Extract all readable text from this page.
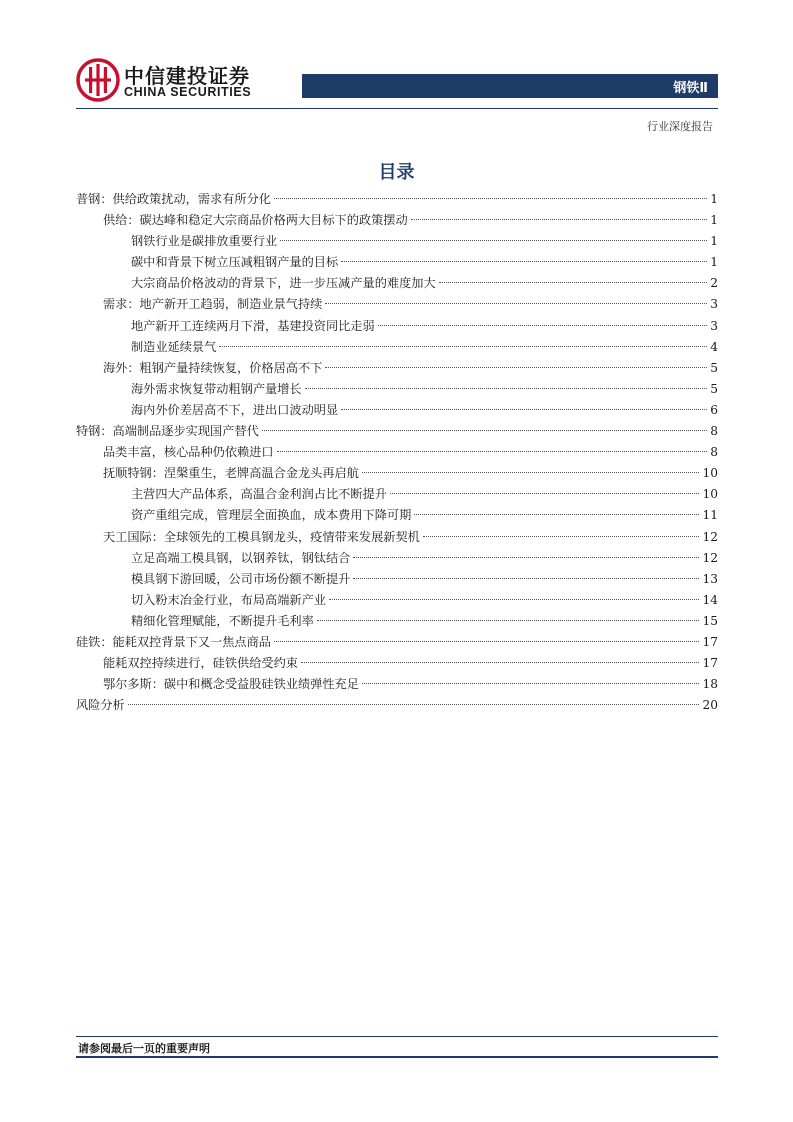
中信建投证券
CHINA SECURITIES	钢铁Ⅱ
行业深度报告
目录
普钢：供给政策扰动，需求有所分化	1
供给：碳达峰和稳定大宗商品价格两大目标下的政策摆动	1
钢铁行业是碳排放重要行业	1
碳中和背景下树立压减粗钢产量的目标	1
大宗商品价格波动的背景下，进一步压减产量的难度加大	2
需求：地产新开工趋弱，制造业景气持续	3
地产新开工连续两月下滑，基建投资同比走弱	3
制造业延续景气	4
海外：粗钢产量持续恢复，价格居高不下	5
海外需求恢复带动粗钢产量增长	5
海内外价差居高不下，进出口波动明显	6
特钢：高端制品逐步实现国产替代	8
品类丰富，核心品种仍依赖进口	8
抚顺特钢：涅槃重生，老牌高温合金龙头再启航	10
主营四大产品体系，高温合金利润占比不断提升	10
资产重组完成，管理层全面换血，成本费用下降可期	11
天工国际：全球领先的工模具钢龙头，疫情带来发展新契机	12
立足高端工模具钢，以钢养钛，钢钛结合	12
模具钢下游回暖，公司市场份额不断提升	13
切入粉末冶金行业，布局高端新产业	14
精细化管理赋能，不断提升毛利率	15
硅铁：能耗双控背景下又一焦点商品	17
能耗双控持续进行，硅铁供给受约束	17
鄂尔多斯：碳中和概念受益股硅铁业绩弹性充足	18
风险分析	20
请参阅最后一页的重要声明
